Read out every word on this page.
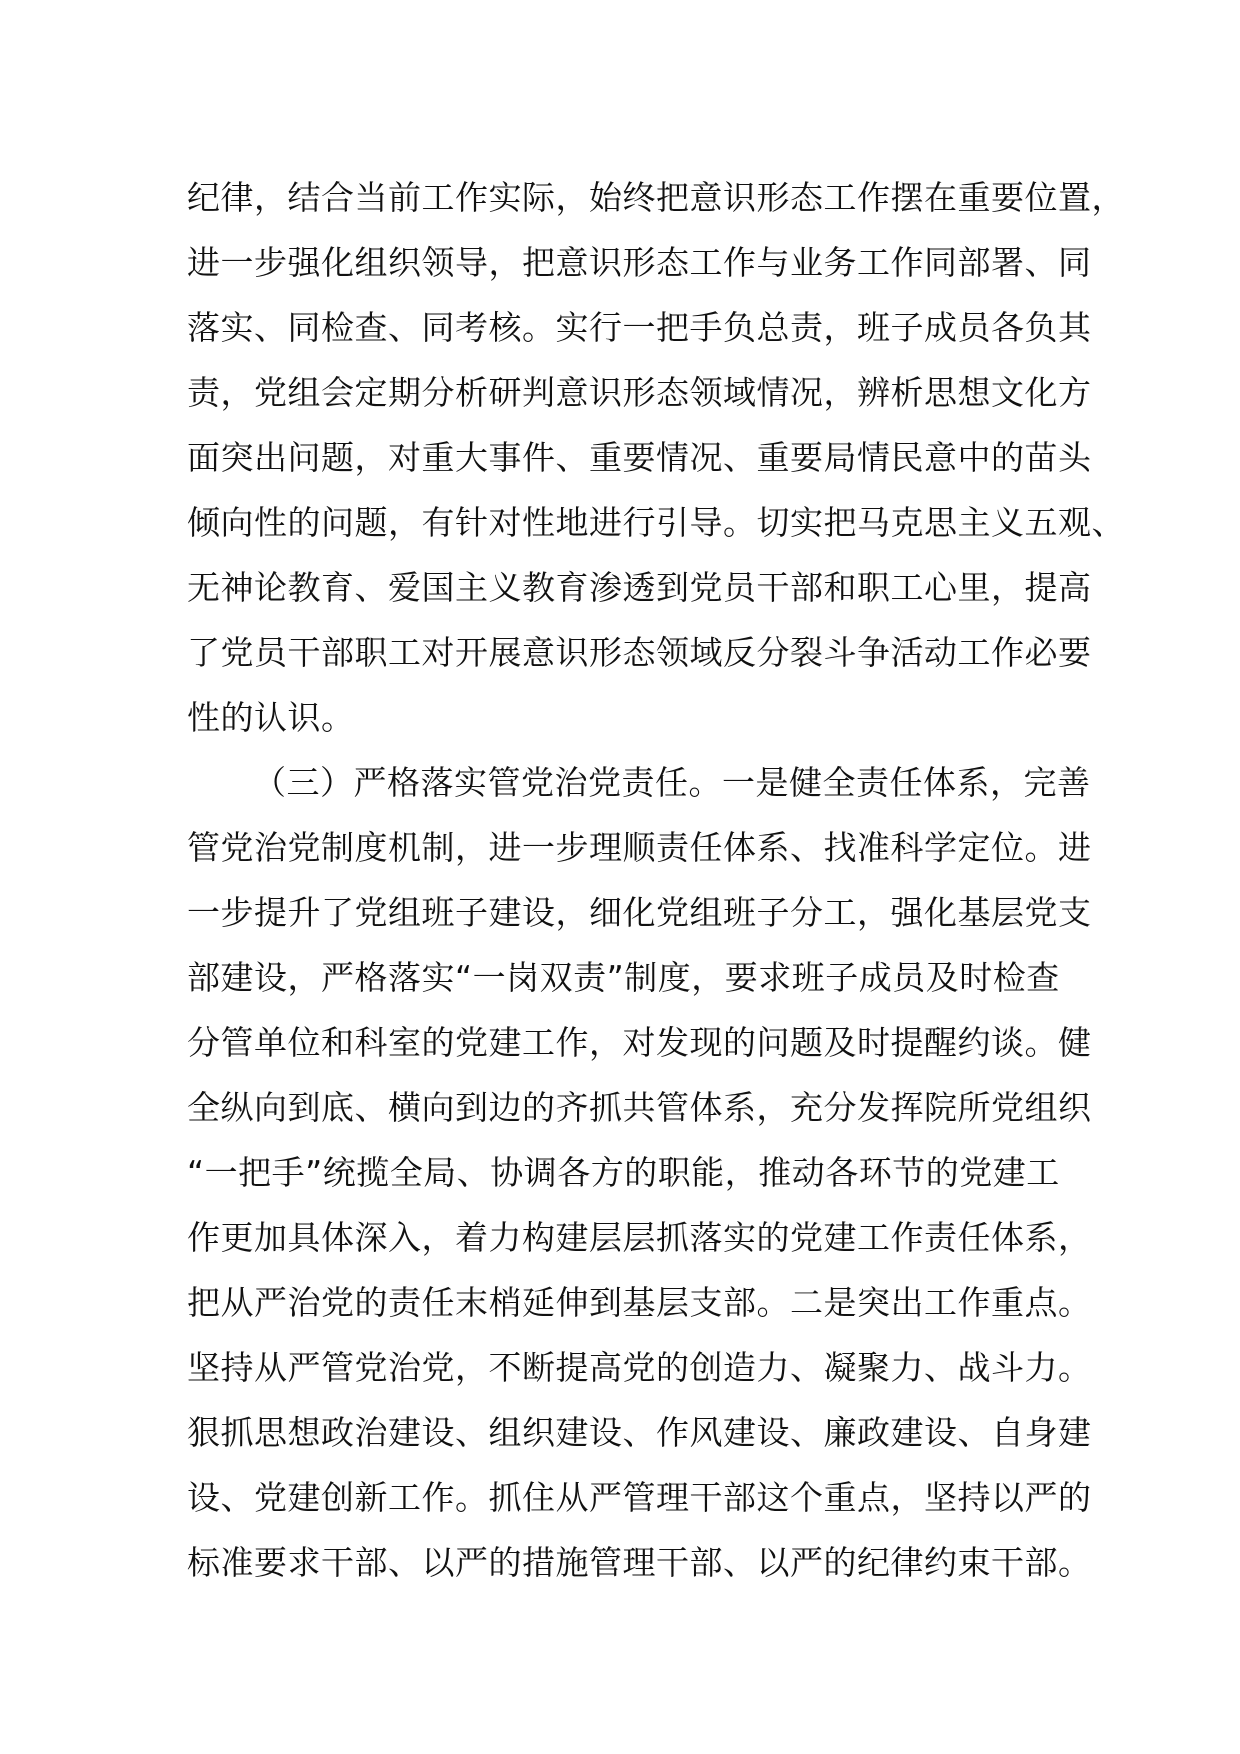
纪律，结合当前工作实际，始终把意识形态工作摆在重要位置，
进一步强化组织领导，把意识形态工作与业务工作同部署、同
落实、同检查、同考核。实行一把手负总责，班子成员各负其
责，党组会定期分析研判意识形态领域情况，辨析思想文化方
面突出问题，对重大事件、重要情况、重要局情民意中的苗头
倾向性的问题，有针对性地进行引导。切实把马克思主义五观、
无神论教育、爱国主义教育渗透到党员干部和职工心里，提高
了党员干部职工对开展意识形态领域反分裂斗争活动工作必要
性的认识。
（三）严格落实管党治党责任。一是健全责任体系，完善
管党治党制度机制，进一步理顺责任体系、找准科学定位。进
一步提升了党组班子建设，细化党组班子分工，强化基层党支
部建设，严格落实“一岗双责”制度，要求班子成员及时检查
分管单位和科室的党建工作，对发现的问题及时提醒约谈。健
全纵向到底、横向到边的齐抓共管体系，充分发挥院所党组织
“一把手”统揽全局、协调各方的职能，推动各环节的党建工
作更加具体深入，着力构建层层抓落实的党建工作责任体系，
把从严治党的责任末梢延伸到基层支部。二是突出工作重点。
坚持从严管党治党，不断提高党的创造力、凝聚力、战斗力。
狠抓思想政治建设、组织建设、作风建设、廉政建设、自身建
设、党建创新工作。抓住从严管理干部这个重点，坚持以严的
标准要求干部、以严的措施管理干部、以严的纪律约束干部。
